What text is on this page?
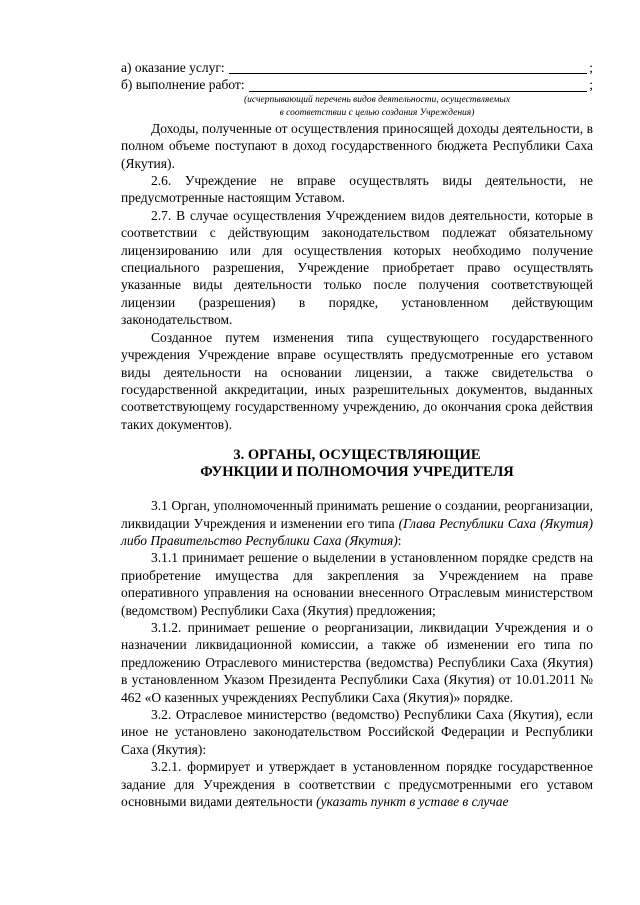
а) оказание услуг:	;
б) выполнение работ:	;
(исчерпывающий перечень видов деятельности, осуществляемых
в соответствии с целью создания Учреждения)

Доходы, полученные от осуществления приносящей доходы деятельности, в полном объеме поступают в доход государственного бюджета Республики Саха (Якутия).

2.6. Учреждение не вправе осуществлять виды деятельности, не предусмотренные настоящим Уставом.

2.7. В случае осуществления Учреждением видов деятельности, которые в соответствии с действующим законодательством подлежат обязательному лицензированию или для осуществления которых необходимо получение специального разрешения, Учреждение приобретает право осуществлять указанные виды деятельности только после получения соответствующей лицензии (разрешения) в порядке, установленном действующим законодательством.

Созданное путем изменения типа существующего государственного учреждения Учреждение вправе осуществлять предусмотренные его уставом виды деятельности на основании лицензии, а также свидетельства о государственной аккредитации, иных разрешительных документов, выданных соответствующему государственному учреждению, до окончания срока действия таких документов).

3. ОРГАНЫ, ОСУЩЕСТВЛЯЮЩИЕ
ФУНКЦИИ И ПОЛНОМОЧИЯ УЧРЕДИТЕЛЯ

3.1 Орган, уполномоченный принимать решение о создании, реорганизации, ликвидации Учреждения и изменении его типа (Глава Республики Саха (Якутия) либо Правительство Республики Саха (Якутия):

3.1.1 принимает решение о выделении в установленном порядке средств на приобретение имущества для закрепления за Учреждением на праве оперативного управления на основании внесенного Отраслевым министерством (ведомством) Республики Саха (Якутия) предложения;

3.1.2. принимает решение о реорганизации, ликвидации Учреждения и о назначении ликвидационной комиссии, а также об изменении его типа по предложению Отраслевого министерства (ведомства) Республики Саха (Якутия) в установленном Указом Президента Республики Саха (Якутия) от 10.01.2011 № 462 «О казенных учреждениях Республики Саха (Якутия)» порядке.

3.2. Отраслевое министерство (ведомство) Республики Саха (Якутия), если иное не установлено законодательством Российской Федерации и Республики Саха (Якутия):

3.2.1. формирует и утверждает в установленном порядке государственное задание для Учреждения в соответствии с предусмотренными его уставом основными видами деятельности (указать пункт в уставе в случае
